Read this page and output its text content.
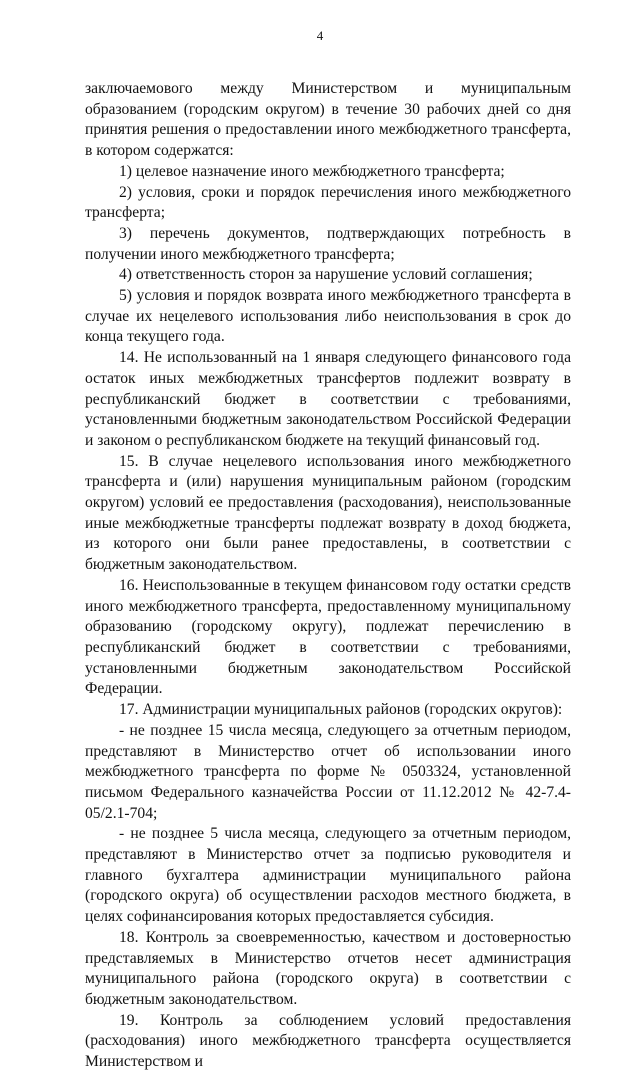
4

заключаемового между Министерством и муниципальным образованием (городским округом) в течение 30 рабочих дней со дня принятия решения о предоставлении иного межбюджетного трансферта, в котором содержатся:

1) целевое назначение иного межбюджетного трансферта;

2) условия, сроки и порядок перечисления иного межбюджетного трансферта;

3) перечень документов, подтверждающих потребность в получении иного межбюджетного трансферта;

4) ответственность сторон за нарушение условий соглашения;

5) условия и порядок возврата иного межбюджетного трансферта в случае их нецелевого использования либо неиспользования в срок до конца текущего года.

14. Не использованный на 1 января следующего финансового года остаток иных межбюджетных трансфертов подлежит возврату в республиканский бюджет в соответствии с требованиями, установленными бюджетным законодательством Российской Федерации и законом о республиканском бюджете на текущий финансовый год.

15. В случае нецелевого использования иного межбюджетного трансферта и (или) нарушения муниципальным районом (городским округом) условий ее предоставления (расходования), неиспользованные иные межбюджетные трансферты подлежат возврату в доход бюджета, из которого они были ранее предоставлены, в соответствии с бюджетным законодательством.

16. Неиспользованные в текущем финансовом году остатки средств иного межбюджетного трансферта, предоставленному муниципальному образованию (городскому округу), подлежат перечислению в республиканский бюджет в соответствии с требованиями, установленными бюджетным законодательством Российской Федерации.

17. Администрации муниципальных районов (городских округов):

- не позднее 15 числа месяца, следующего за отчетным периодом, представляют в Министерство отчет об использовании иного межбюджетного трансферта по форме № 0503324, установленной письмом Федерального казначейства России от 11.12.2012 № 42-7.4-05/2.1-704;

- не позднее 5 числа месяца, следующего за отчетным периодом, представляют в Министерство отчет за подписью руководителя и главного бухгалтера администрации муниципального района (городского округа) об осуществлении расходов местного бюджета, в целях софинансирования которых предоставляется субсидия.

18. Контроль за своевременностью, качеством и достоверностью представляемых в Министерство отчетов несет администрация муниципального района (городского округа) в соответствии с бюджетным законодательством.

19. Контроль за соблюдением условий предоставления (расходования) иного межбюджетного трансферта осуществляется Министерством и
